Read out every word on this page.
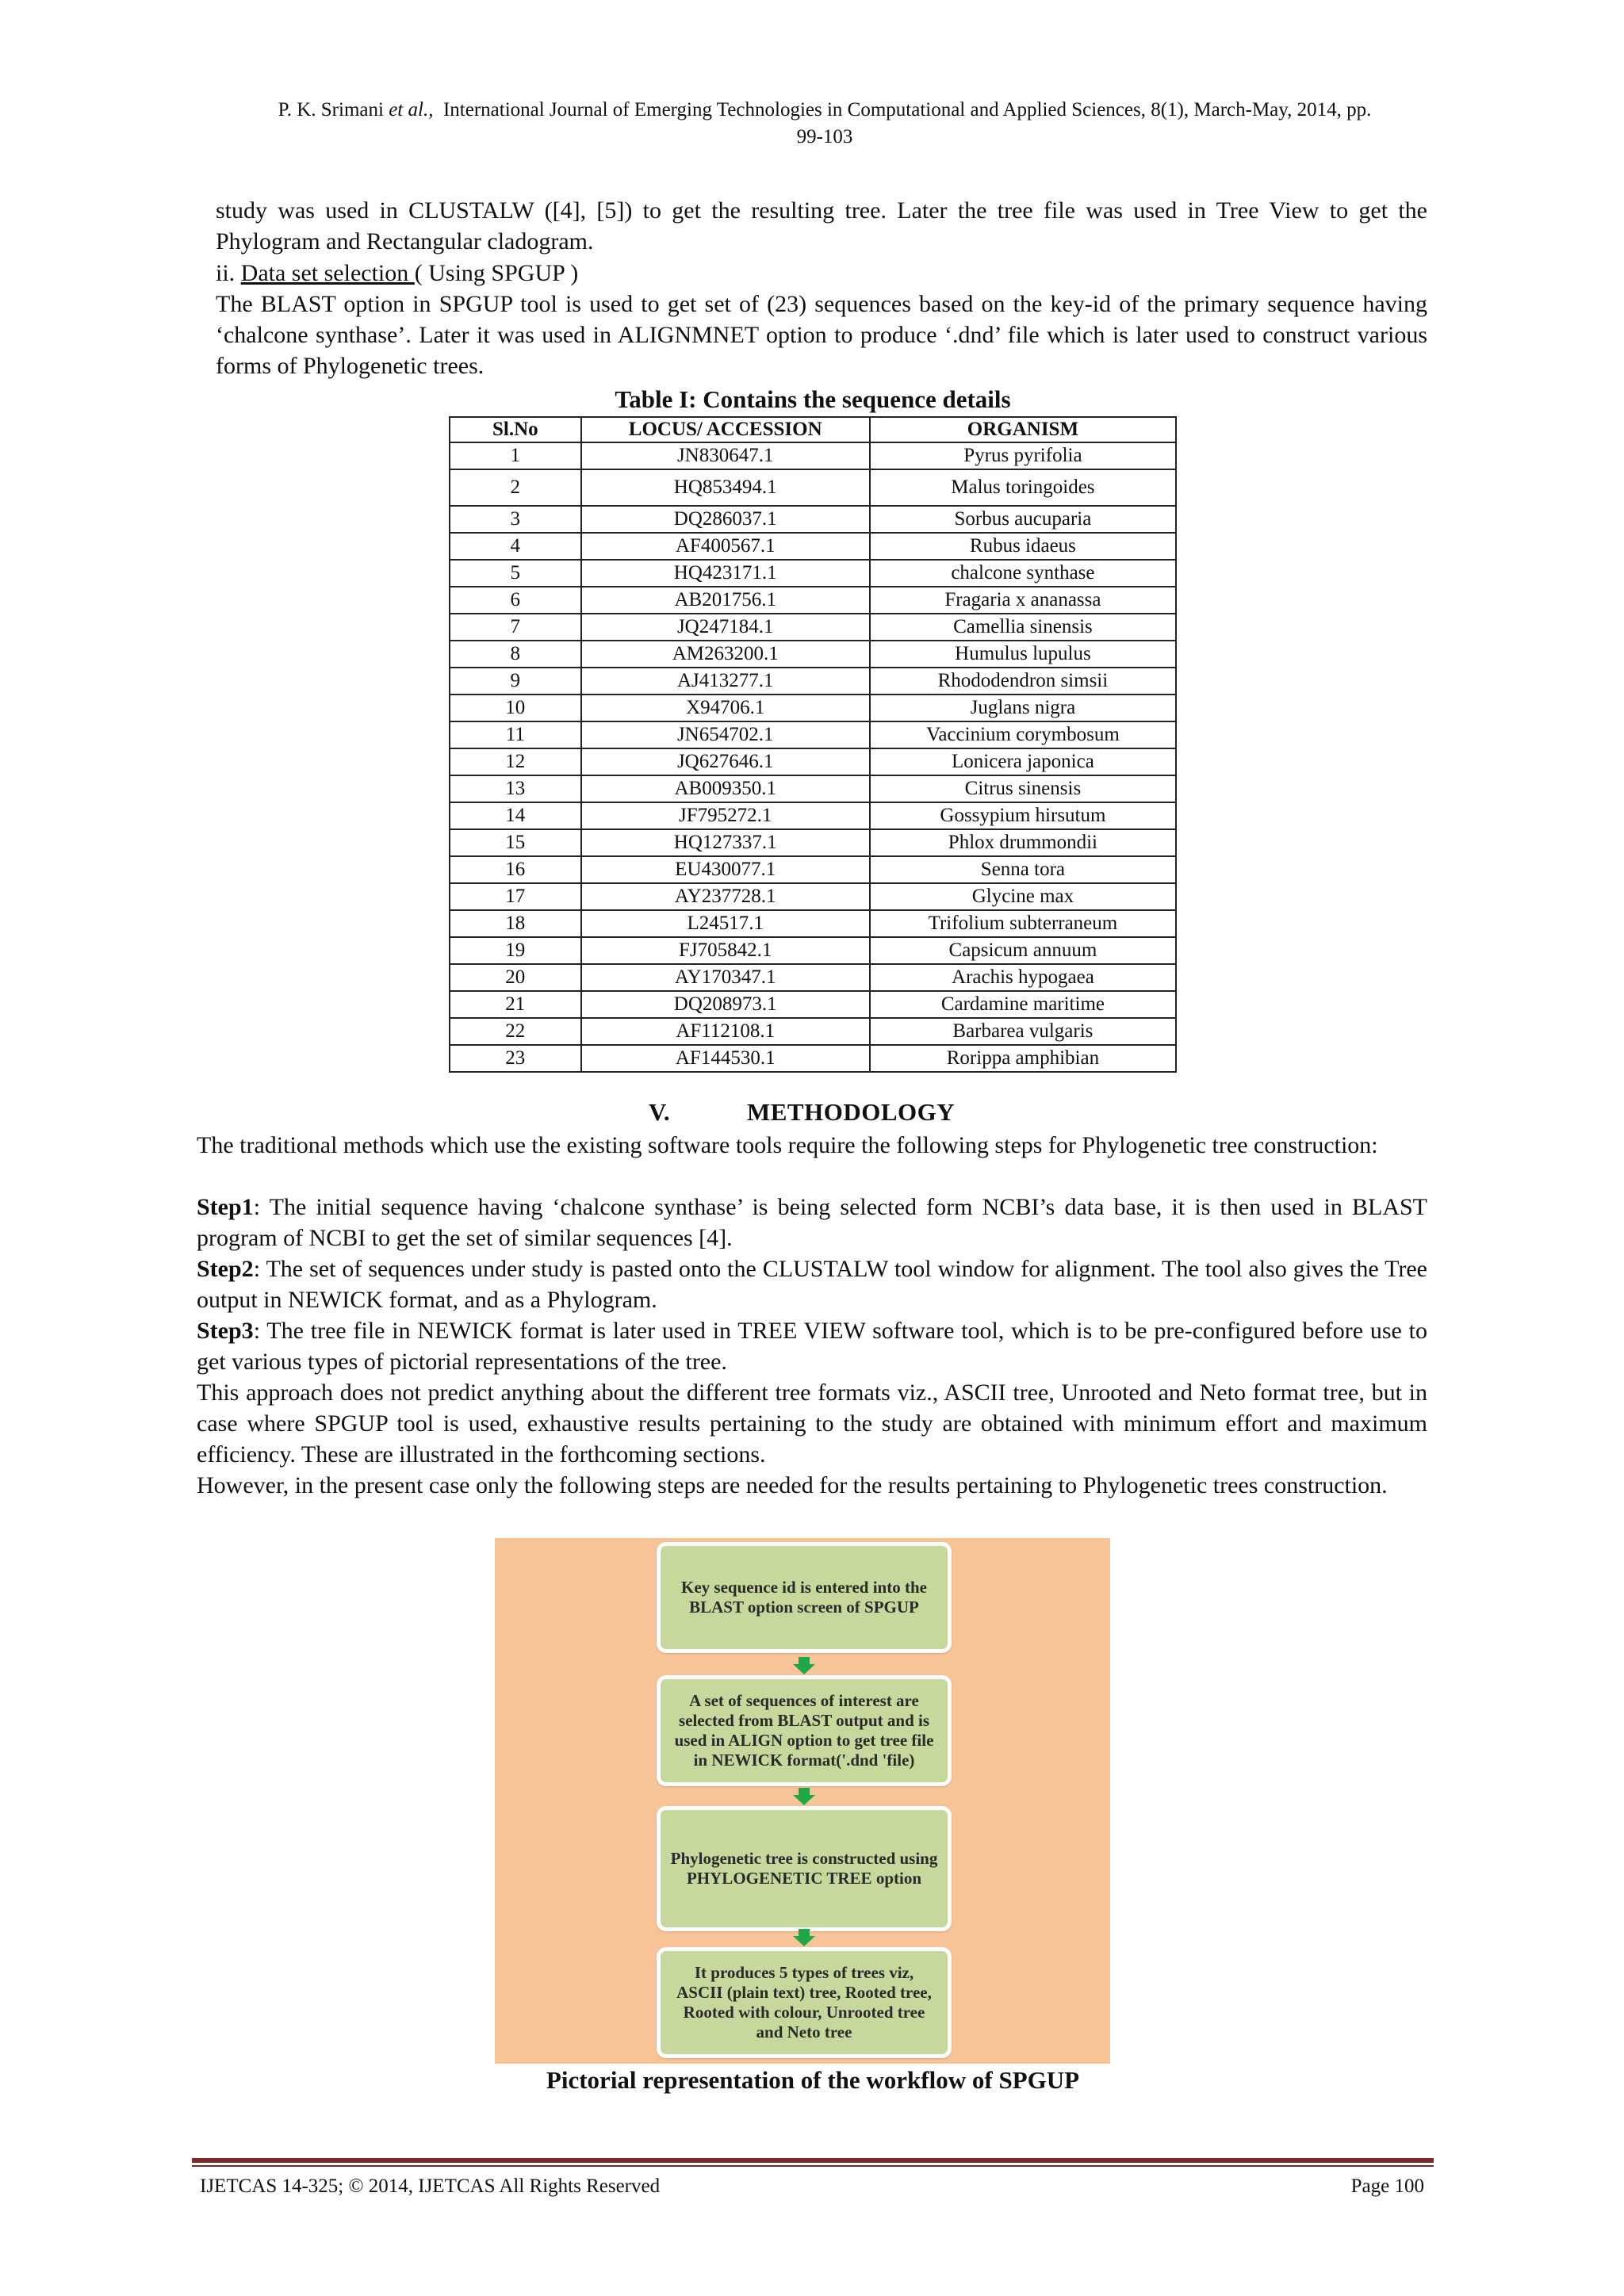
P. K. Srimani et al., International Journal of Emerging Technologies in Computational and Applied Sciences, 8(1), March-May, 2014, pp.
99-103

study was used in CLUSTALW ([4], [5]) to get the resulting tree. Later the tree file was used in Tree View to get the Phylogram and Rectangular cladogram.

ii. Data set selection ( Using SPGUP )

The BLAST option in SPGUP tool is used to get set of (23) sequences based on the key-id of the primary sequence having ‘chalcone synthase’. Later it was used in ALIGNMNET option to produce ‘.dnd’ file which is later used to construct various forms of Phylogenetic trees.

Table I: Contains the sequence details
Sl.No	LOCUS/ ACCESSION	ORGANISM
1	JN830647.1	Pyrus pyrifolia
2	HQ853494.1	Malus toringoides
3	DQ286037.1	Sorbus aucuparia
4	AF400567.1	Rubus idaeus
5	HQ423171.1	chalcone synthase
6	AB201756.1	Fragaria x ananassa
7	JQ247184.1	Camellia sinensis
8	AM263200.1	Humulus lupulus
9	AJ413277.1	Rhododendron simsii
10	X94706.1	Juglans nigra
11	JN654702.1	Vaccinium corymbosum
12	JQ627646.1	Lonicera japonica
13	AB009350.1	Citrus sinensis
14	JF795272.1	Gossypium hirsutum
15	HQ127337.1	Phlox drummondii
16	EU430077.1	Senna tora
17	AY237728.1	Glycine max
18	L24517.1	Trifolium subterraneum
19	FJ705842.1	Capsicum annuum
20	AY170347.1	Arachis hypogaea
21	DQ208973.1	Cardamine maritime
22	AF112108.1	Barbarea vulgaris
23	AF144530.1	Rorippa amphibian
V.	METHODOLOGY

The traditional methods which use the existing software tools require the following steps for Phylogenetic tree construction:

Step1: The initial sequence having ‘chalcone synthase’ is being selected form NCBI’s data base, it is then used in BLAST program of NCBI to get the set of similar sequences [4].

Step2: The set of sequences under study is pasted onto the CLUSTALW tool window for alignment. The tool also gives the Tree output in NEWICK format, and as a Phylogram.

Step3: The tree file in NEWICK format is later used in TREE VIEW software tool, which is to be pre-configured before use to get various types of pictorial representations of the tree.

This approach does not predict anything about the different tree formats viz., ASCII tree, Unrooted and Neto format tree, but in case where SPGUP tool is used, exhaustive results pertaining to the study are obtained with minimum effort and maximum efficiency. These are illustrated in the forthcoming sections.

However, in the present case only the following steps are needed for the results pertaining to Phylogenetic trees construction.

Key sequence id is entered into the BLAST option screen of SPGUP
A set of sequences of interest are selected from BLAST output and is used in ALIGN option to get tree file in NEWICK format('.dnd 'file)
Phylogenetic tree is constructed using PHYLOGENETIC TREE option
It produces 5 types of trees viz, ASCII (plain text) tree, Rooted tree, Rooted with colour, Unrooted tree and Neto tree
Pictorial representation of the workflow of SPGUP
IJETCAS 14-325; © 2014, IJETCAS All Rights Reserved	Page 100
